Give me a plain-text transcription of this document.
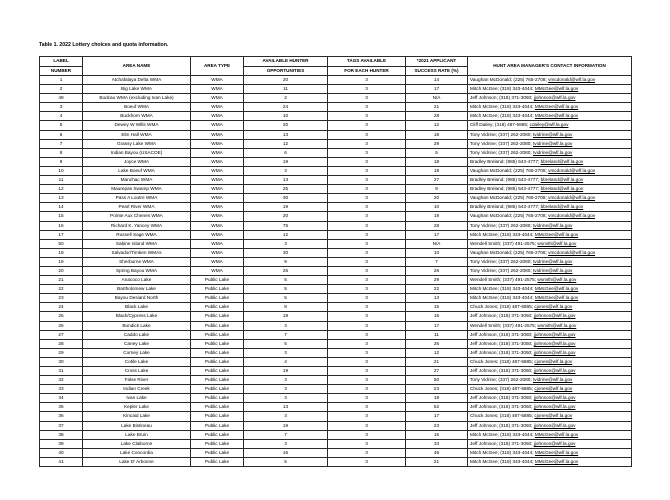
Table 1. 2022 Lottery choices and quota information.
LABEL	AREA NAME	AREA TYPE	AVAILABLE HUNTER	TAGS AVAILABLE	*2021 APPLICANT	HUNT AREA MANAGER'S CONTACT INFORMATION
NUMBER			OPPORTUNITIES	FOR EACH HUNTER	SUCCESS RATE (%)	
1	Atchafalaya Delta WMA	WMA	20	3	14	Vaughan McDonald; (225) 765-2708; vmcdonald@wlf.la.gov
2	Big Lake WMA	WMA	11	3	17	Mitch McGee; (318) 343-4044; MMcGee@wlf.la.gov
49	Bodcau WMA (excluding Ivan Lake)	WMA	2	3	N/A	Jeff Johnson; (318) 371-3050; jjohnson@wlf.la.gov
3	Boeuf WMA	WMA	24	3	21	Mitch McGee; (318) 343-4044; MMcGee@wlf.la.gov
4	Buckhorn WMA	WMA	10	3	28	Mitch McGee; (318) 343-4044; MMcGee@wlf.la.gov
5	Dewey W Wills WMA	WMA	20	3	12	Cliff Dailey; (318) 487-5885; cdailey@wlf.la.gov
6	Elm Hall WMA	WMA	13	3	18	Tony Vidrine; (337) 262-2080; tvidrine@wlf.la.gov
7	Grassy Lake WMA	WMA	12	3	29	Tony Vidrine; (337) 262-2080; tvidrine@wlf.la.gov
8	Indian Bayou (USACOE)	WMA	6	3	5	Tony Vidrine; (337) 262-2080; tvidrine@wlf.la.gov
9	Joyce WMA	WMA	19	3	18	Bradley Breland; (985) 543-4777; bbreland@wlf.la.gov
10	Lake Boeuf WMA	WMA	3	3	18	Vaughan McDonald; (225) 765-2708; vmcdonald@wlf.la.gov
11	Manchac WMA	WMA	13	3	27	Bradley Breland; (985) 543-4777; bbreland@wlf.la.gov
12	Maurepas Swamp WMA	WMA	25	3	9	Bradley Breland; (985) 543-4777; bbreland@wlf.la.gov
13	Pass A Loutre WMA	WMA	30	3	20	Vaughan McDonald; (225) 765-2708; vmcdonald@wlf.la.gov
14	Pearl River WMA	WMA	19	3	10	Bradley Breland; (985) 543-4777; bbreland@wlf.la.gov
15	Pointe Aux Chenes WMA	WMA	20	3	19	Vaughan McDonald; (225) 765-2708; vmcdonald@wlf.la.gov
16	Richard K. Yancey WMA	WMA	75	3	28	Tony Vidrine; (337) 262-2080; tvidrine@wlf.la.gov
17	Russell Sage WMA	WMA	12	3	17	Mitch McGee; (318) 343-4044; MMcGee@wlf.la.gov
50	Sabine Island WMA	WMA	3	3	N/A	Wendell Smith; (337) 491-2575; wsmith@wlf.la.gov
18	Salvador/Timken WMAs	WMA	30	3	10	Vaughan McDonald; (225) 765-2708; vmcdonald@wlf.la.gov
19	Sherburne WMA	WMA	9	3	7	Tony Vidrine; (337) 262-2080; tvidrine@wlf.la.gov
20	Spring Bayou WMA	WMA	25	3	26	Tony Vidrine; (337) 262-2080; tvidrine@wlf.la.gov
21	Anacoco Lake	Public Lake	5	3	29	Wendell Smith; (337) 491-2575; wsmith@wlf.la.gov
22	Bartholomew Lake	Public Lake	5	3	22	Mitch McGee; (318) 343-4044; MMcGee@wlf.la.gov
23	Bayou Desiard North	Public Lake	5	3	13	Mitch McGee; (318) 343-4044; MMcGee@wlf.la.gov
24	Black Lake	Public Lake	8	3	15	Chuck Jones; (318) 487-5885; cjones@wlf.la.gov
25	Black/Cypress Lake	Public Lake	19	3	16	Jeff Johnson; (318) 371-3050; jjohnson@wlf.la.gov
26	Bundick Lake	Public Lake	3	3	17	Wendell Smith; (337) 491-2575; wsmith@wlf.la.gov
27	Caddo Lake	Public Lake	7	3	11	Jeff Johnson; (318) 371-3050; jjohnson@wlf.la.gov
28	Caney Lake	Public Lake	5	3	26	Jeff Johnson; (318) 371-3050; jjohnson@wlf.la.gov
29	Corney Lake	Public Lake	3	3	12	Jeff Johnson; (318) 371-3050; jjohnson@wlf.la.gov
30	Cotile Lake	Public Lake	4	3	21	Chuck Jones; (318) 487-5885; cjones@wlf.la.gov
31	Cross Lake	Public Lake	19	3	27	Jeff Johnson; (318) 371-3050; jjohnson@wlf.la.gov
32	False River	Public Lake	3	3	50	Tony Vidrine; (337) 262-2080; tvidrine@wlf.la.gov
33	Indian Creek	Public Lake	3	3	23	Chuck Jones; (318) 487-5885; cjones@wlf.la.gov
34	Ivan Lake	Public Lake	3	3	18	Jeff Johnson; (318) 371-3050; jjohnson@wlf.la.gov
35	Kepler Lake	Public Lake	13	3	52	Jeff Johnson; (318) 371-3050; jjohnson@wlf.la.gov
36	Kincaid Lake	Public Lake	3	3	17	Chuck Jones; (318) 487-5885; cjones@wlf.la.gov
37	Lake Bistineau	Public Lake	19	3	23	Jeff Johnson; (318) 371-3050; jjohnson@wlf.la.gov
38	Lake Bruin	Public Lake	7	3	16	Mitch McGee; (318) 343-4044; MMcGee@wlf.la.gov
39	Lake Claiborne	Public Lake	3	3	33	Jeff Johnson; (318) 371-3050; jjohnson@wlf.la.gov
40	Lake Concordia	Public Lake	16	3	48	Mitch McGee; (318) 343-4044; MMcGee@wlf.la.gov
41	Lake D' Arbonne	Public Lake	5	3	21	Mitch McGee; (318) 343-4044; MMcGee@wlf.la.gov
